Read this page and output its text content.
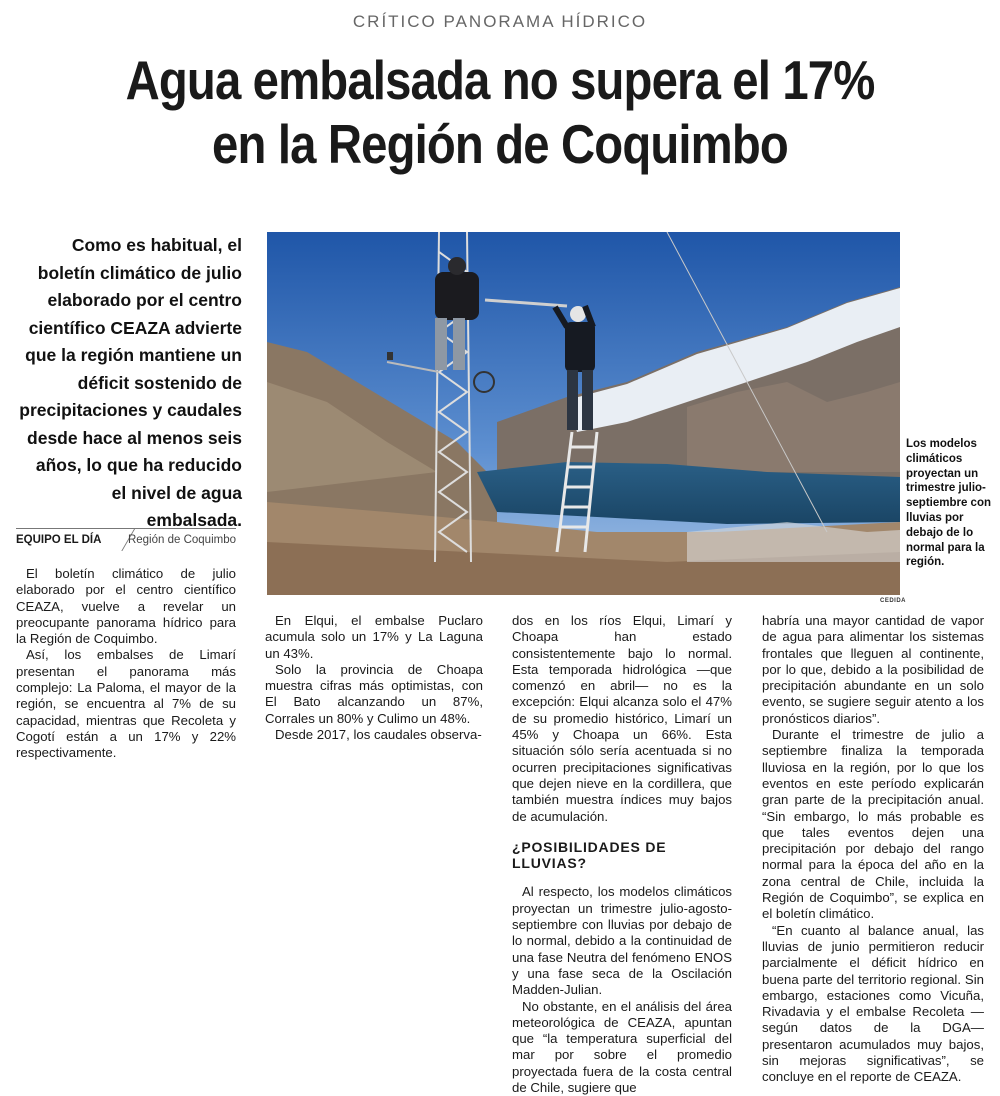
CRÍTICO PANORAMA HÍDRICO
Agua embalsada no supera el 17%
en la Región de Coquimbo
Como es habitual, el boletín climático de julio elaborado por el centro científico CEAZA advierte que la región mantiene un déficit sostenido de precipitaciones y caudales desde hace al menos seis años, lo que ha reducido el nivel de agua embalsada.
EQUIPO EL DÍA Región de Coquimbo
CEDIDA
Los modelos climáticos proyectan un trimestre julio-septiembre con lluvias por debajo de lo normal para la región.

El boletín climático de julio elaborado por el centro científico CEAZA, vuelve a revelar un preocupante panorama hídrico para la Región de Coquimbo.

Así, los embalses de Limarí presentan el panorama más complejo: La Paloma, el mayor de la región, se encuentra al 7% de su capacidad, mientras que Recoleta y Cogotí están a un 17% y 22% respectivamente.

En Elqui, el embalse Puclaro acumula solo un 17% y La Laguna un 43%.

Solo la provincia de Choapa muestra cifras más optimistas, con El Bato alcanzando un 87%, Corrales un 80% y Culimo un 48%.

Desde 2017, los caudales observa-

dos en los ríos Elqui, Limarí y Choapa han estado consistentemente bajo lo normal. Esta temporada hidrológica —que comenzó en abril— no es la excepción: Elqui alcanza solo el 47% de su promedio histórico, Limarí un 45% y Choapa un 66%. Esta situación sólo sería acentuada si no ocurren precipitaciones significativas que dejen nieve en la cordillera, que también muestra índices muy bajos de acumulación.

¿POSIBILIDADES DE LLUVIAS?

Al respecto, los modelos climáticos proyectan un trimestre julio-agosto-septiembre con lluvias por debajo de lo normal, debido a la continuidad de una fase Neutra del fenómeno ENOS y una fase seca de la Oscilación Madden-Julian.

No obstante, en el análisis del área meteorológica de CEAZA, apuntan que “la temperatura superficial del mar por sobre el promedio proyectada fuera de la costa central de Chile, sugiere que

habría una mayor cantidad de vapor de agua para alimentar los sistemas frontales que lleguen al continente, por lo que, debido a la posibilidad de precipitación abundante en un solo evento, se sugiere seguir atento a los pronósticos diarios”.

Durante el trimestre de julio a septiembre finaliza la temporada lluviosa en la región, por lo que los eventos en este período explicarán gran parte de la precipitación anual. “Sin embargo, lo más probable es que tales eventos dejen una precipitación por debajo del rango normal para la época del año en la zona central de Chile, incluida la Región de Coquimbo”, se explica en el boletín climático.

“En cuanto al balance anual, las lluvias de junio permitieron reducir parcialmente el déficit hídrico en buena parte del territorio regional. Sin embargo, estaciones como Vicuña, Rivadavia y el embalse Recoleta —según datos de la DGA— presentaron acumulados muy bajos, sin mejoras significativas”, se concluye en el reporte de CEAZA.
